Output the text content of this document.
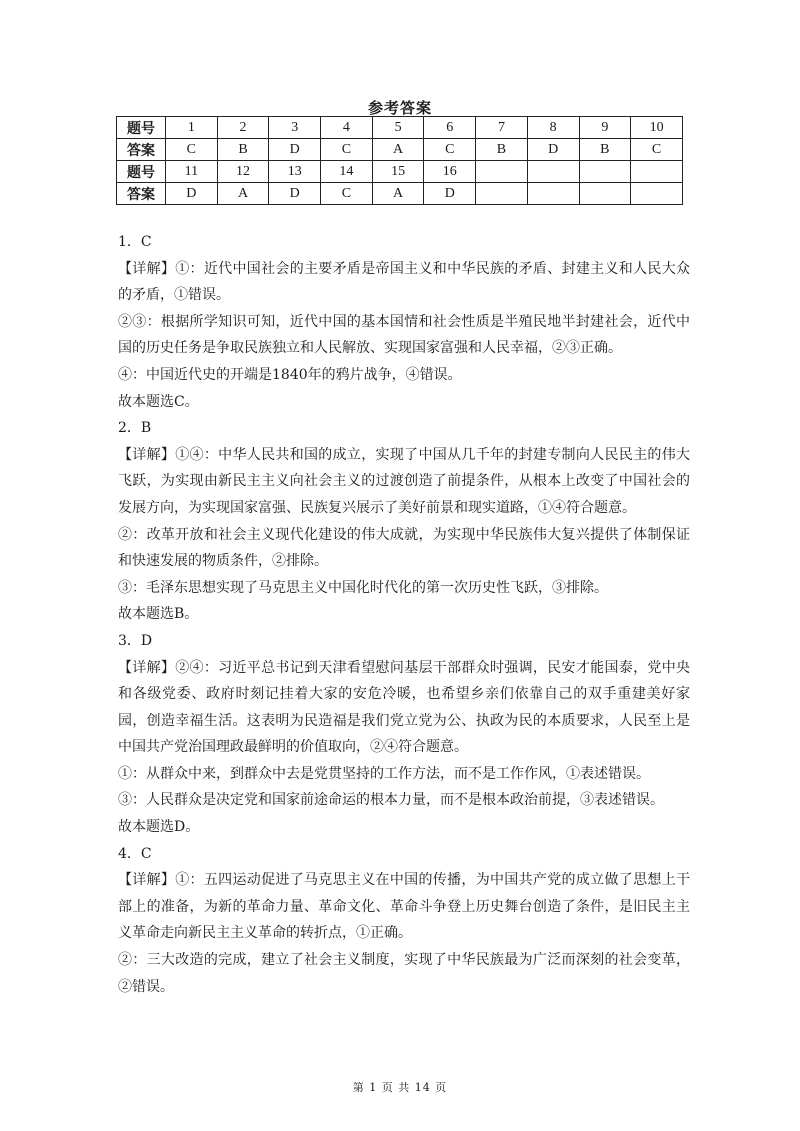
参考答案
题号	1	2	3	4	5	6	7	8	9	10
答案	C	B	D	C	A	C	B	D	B	C
题号	11	12	13	14	15	16				
答案	D	A	D	C	A	D				

1．C

【详解】①：近代中国社会的主要矛盾是帝国主义和中华民族的矛盾、封建主义和人民大众的矛盾，①错误。

②③：根据所学知识可知，近代中国的基本国情和社会性质是半殖民地半封建社会，近代中国的历史任务是争取民族独立和人民解放、实现国家富强和人民幸福，②③正确。

④：中国近代史的开端是1840年的鸦片战争，④错误。

故本题选C。

2．B

【详解】①④：中华人民共和国的成立，实现了中国从几千年的封建专制向人民民主的伟大飞跃，为实现由新民主主义向社会主义的过渡创造了前提条件，从根本上改变了中国社会的发展方向，为实现国家富强、民族复兴展示了美好前景和现实道路，①④符合题意。

②：改革开放和社会主义现代化建设的伟大成就，为实现中华民族伟大复兴提供了体制保证和快速发展的物质条件，②排除。

③：毛泽东思想实现了马克思主义中国化时代化的第一次历史性飞跃，③排除。

故本题选B。

3．D

【详解】②④：习近平总书记到天津看望慰问基层干部群众时强调，民安才能国泰，党中央和各级党委、政府时刻记挂着大家的安危冷暖，也希望乡亲们依靠自己的双手重建美好家园，创造幸福生活。这表明为民造福是我们党立党为公、执政为民的本质要求，人民至上是中国共产党治国理政最鲜明的价值取向，②④符合题意。

①：从群众中来，到群众中去是党贯坚持的工作方法，而不是工作作风，①表述错误。

③：人民群众是决定党和国家前途命运的根本力量，而不是根本政治前提，③表述错误。

故本题选D。

4．C

【详解】①：五四运动促进了马克思主义在中国的传播，为中国共产党的成立做了思想上干部上的准备，为新的革命力量、革命文化、革命斗争登上历史舞台创造了条件，是旧民主主义革命走向新民主主义革命的转折点，①正确。

②：三大改造的完成，建立了社会主义制度，实现了中华民族最为广泛而深刻的社会变革，②错误。

第 1 页 共 14 页
